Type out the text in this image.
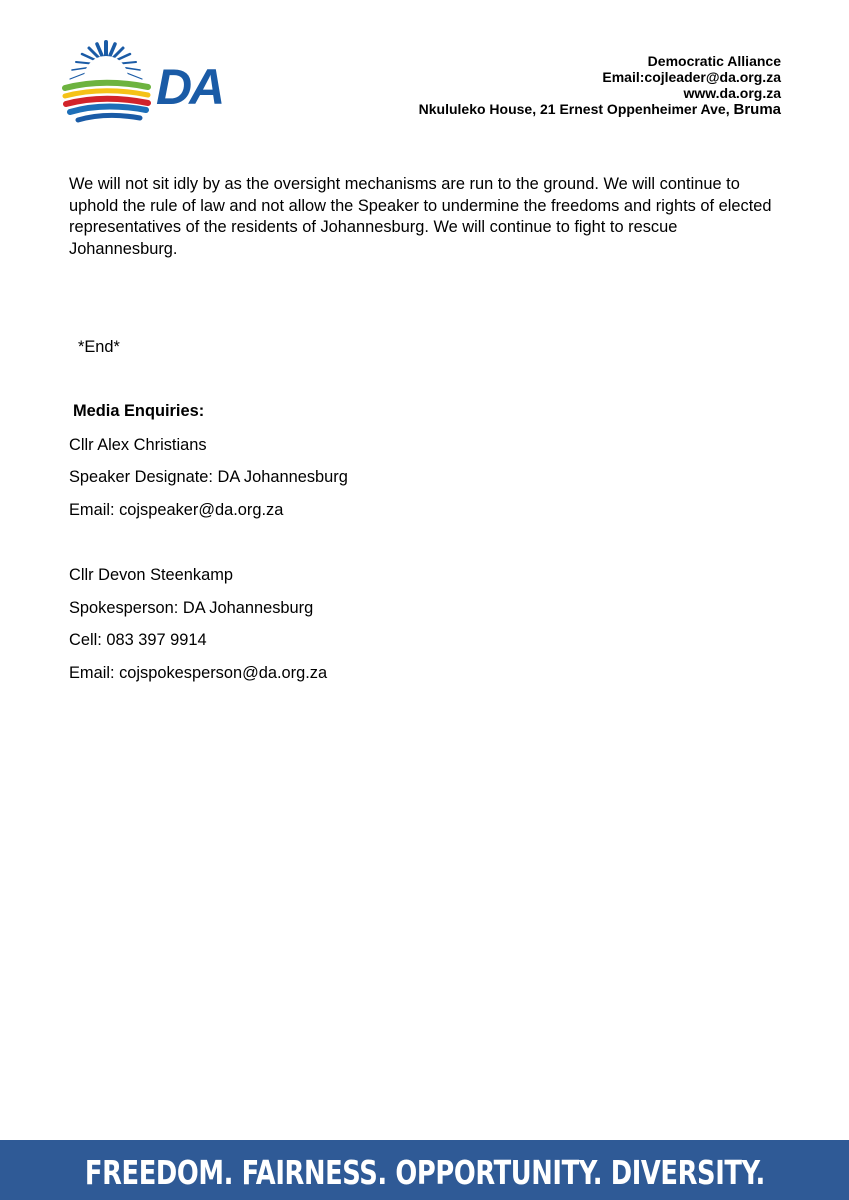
DA	Democratic Alliance
Email:cojleader@da.org.za
www.da.org.za
Nkululeko House, 21 Ernest Oppenheimer Ave, Bruma

We will not sit idly by as the oversight mechanisms are run to the ground. We will continue to uphold the rule of law and not allow the Speaker to undermine the freedoms and rights of elected representatives of the residents of Johannesburg. We will continue to fight to rescue Johannesburg.

*End*

Media Enquiries:

Cllr Alex Christians

Speaker Designate: DA Johannesburg

Email: cojspeaker@da.org.za

Cllr Devon Steenkamp

Spokesperson: DA Johannesburg

Cell: 083 397 9914

Email: cojspokesperson@da.org.za

FREEDOM. FAIRNESS. OPPORTUNITY. DIVERSITY.
